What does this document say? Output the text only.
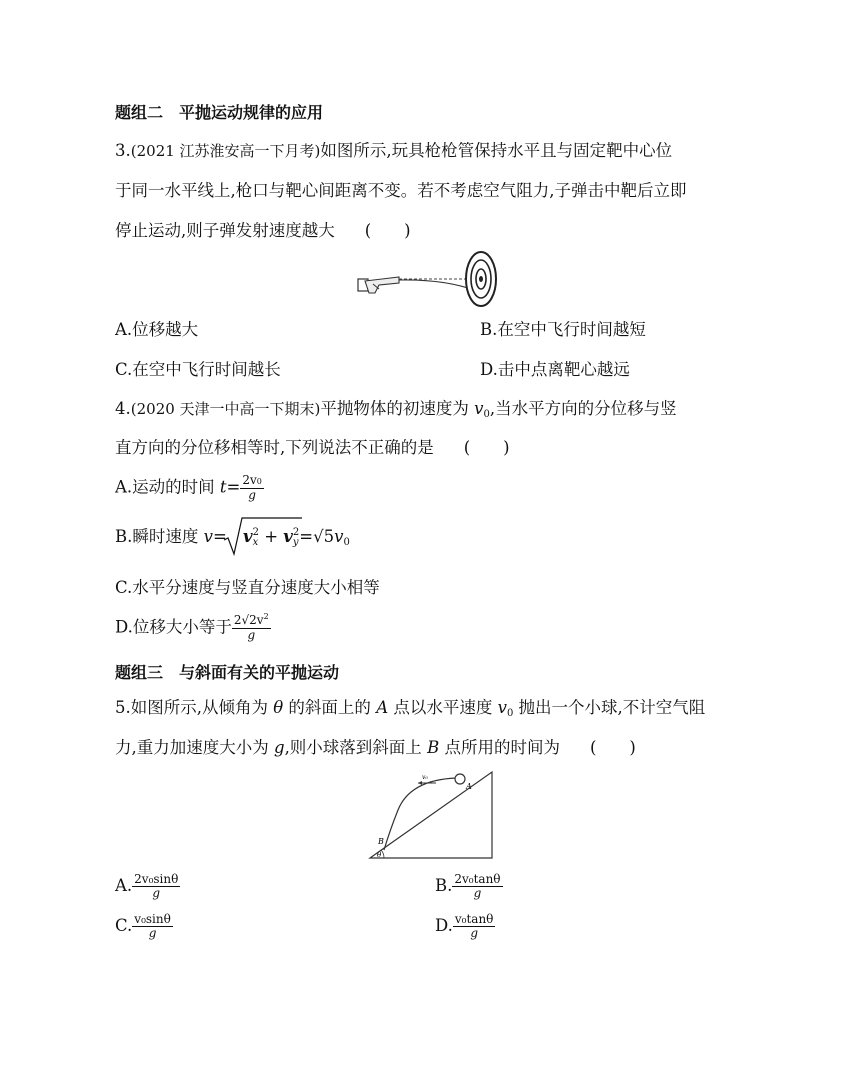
题组二　平抛运动规律的应用
3.(2021 江苏淮安高一下月考)如图所示,玩具枪枪管保持水平且与固定靶中心位
于同一水平线上,枪口与靶心间距离不变。若不考虑空气阻力,子弹击中靶后立即
停止运动,则子弹发射速度越大 (　　)
A.位移越大	B.在空中飞行时间越短
C.在空中飞行时间越长	D.击中点离靶心越远
4.(2020 天津一中高一下期末)平抛物体的初速度为 v0,当水平方向的分位移与竖
直方向的分位移相等时,下列说法不正确的是 (　　)
A.运动的时间 $t= \frac{2v0}{g}$
B.瞬时速度 v= v 2
x + v 2
y =√5v0
C.水平分速度与竖直分速度大小相等
D.位移大小等于 $\frac{2√2v^2}{g}$
题组三　与斜面有关的平抛运动
5.如图所示,从倾角为 θ 的斜面上的 A 点以水平速度 v0 抛出一个小球,不计空气阻
力,重力加速度大小为 g,则小球落到斜面上 B 点所用的时间为 (　　)
v₀
A
B
θ
A. $\frac{\text{2v₀sinθ}}{g}$	B. $\frac{\text{2v₀tanθ}}{g}$
C. $\frac{\text{v₀sinθ}}{g}$	D. $\frac{\text{v₀tanθ}}{g}$
